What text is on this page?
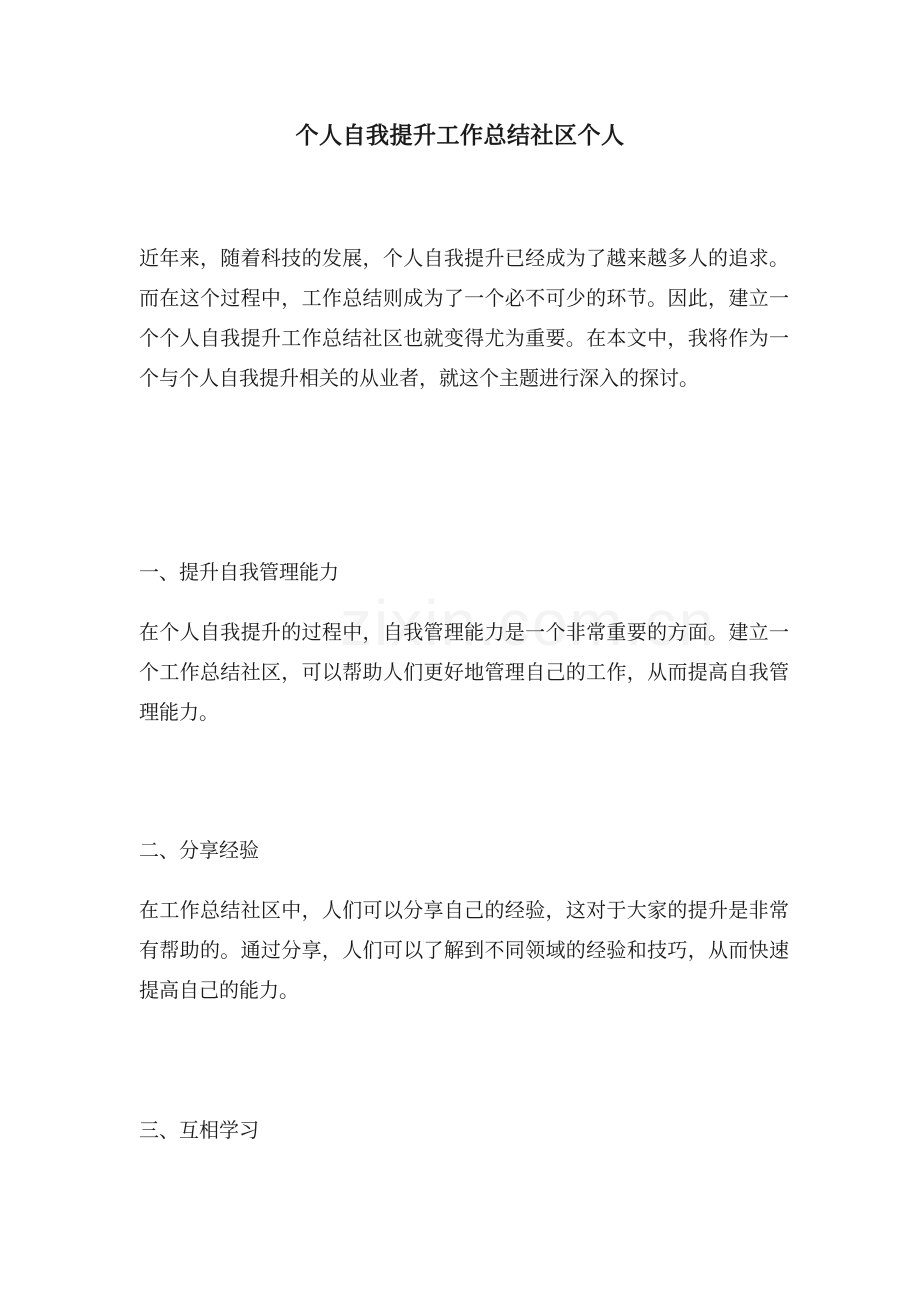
个人自我提升工作总结社区个人

近年来，随着科技的发展，个人自我提升已经成为了越来越多人的追求。而在这个过程中，工作总结则成为了一个必不可少的环节。因此，建立一个个人自我提升工作总结社区也就变得尤为重要。在本文中，我将作为一个与个人自我提升相关的从业者，就这个主题进行深入的探讨。

一、提升自我管理能力

在个人自我提升的过程中，自我管理能力是一个非常重要的方面。建立一个工作总结社区，可以帮助人们更好地管理自己的工作，从而提高自我管理能力。

二、分享经验

在工作总结社区中，人们可以分享自己的经验，这对于大家的提升是非常有帮助的。通过分享，人们可以了解到不同领域的经验和技巧，从而快速提高自己的能力。

三、互相学习
